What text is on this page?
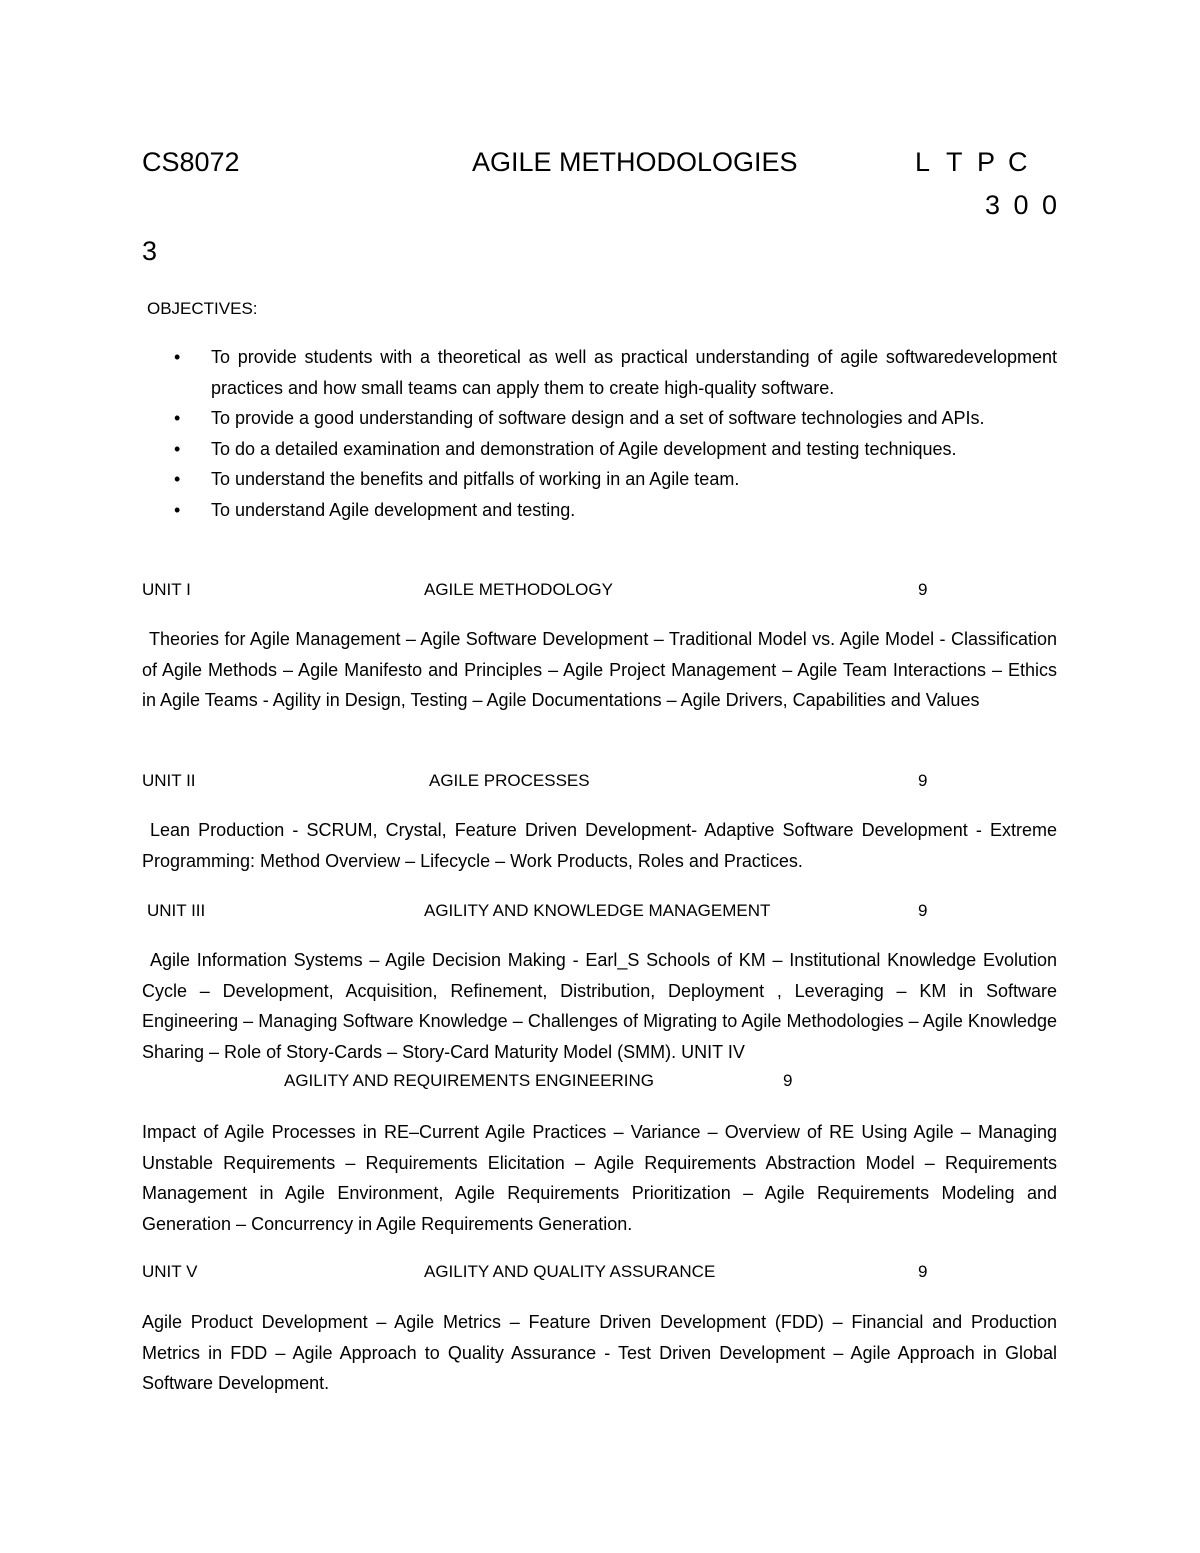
CS8072	AGILE METHODOLOGIES	L T P C
3 0 0
3
OBJECTIVES:
• To provide students with a theoretical as well as practical understanding of agile softwaredevelopment practices and how small teams can apply them to create high-quality software.
• To provide a good understanding of software design and a set of software technologies and APIs.
• To do a detailed examination and demonstration of Agile development and testing techniques.
• To understand the benefits and pitfalls of working in an Agile team.
• To understand Agile development and testing.
UNIT I	AGILE METHODOLOGY	9
Theories for Agile Management – Agile Software Development – Traditional Model vs. Agile Model - Classification of Agile Methods – Agile Manifesto and Principles – Agile Project Management – Agile Team Interactions – Ethics in Agile Teams - Agility in Design, Testing – Agile Documentations – Agile Drivers, Capabilities and Values
UNIT II	AGILE PROCESSES	9
Lean Production - SCRUM, Crystal, Feature Driven Development- Adaptive Software Development - Extreme Programming: Method Overview – Lifecycle – Work Products, Roles and Practices.
UNIT III	AGILITY AND KNOWLEDGE MANAGEMENT	9
Agile Information Systems – Agile Decision Making - Earl_S Schools of KM – Institutional Knowledge Evolution Cycle – Development, Acquisition, Refinement, Distribution, Deployment , Leveraging – KM in Software Engineering – Managing Software Knowledge – Challenges of Migrating to Agile Methodologies – Agile Knowledge Sharing – Role of Story-Cards – Story-Card Maturity Model (SMM). UNIT IV
AGILITY AND REQUIREMENTS ENGINEERING	9
Impact of Agile Processes in RE–Current Agile Practices – Variance – Overview of RE Using Agile – Managing Unstable Requirements – Requirements Elicitation – Agile Requirements Abstraction Model – Requirements Management in Agile Environment, Agile Requirements Prioritization – Agile Requirements Modeling and Generation – Concurrency in Agile Requirements Generation.
UNIT V	AGILITY AND QUALITY ASSURANCE	9
Agile Product Development – Agile Metrics – Feature Driven Development (FDD) – Financial and Production Metrics in FDD – Agile Approach to Quality Assurance - Test Driven Development – Agile Approach in Global Software Development.
